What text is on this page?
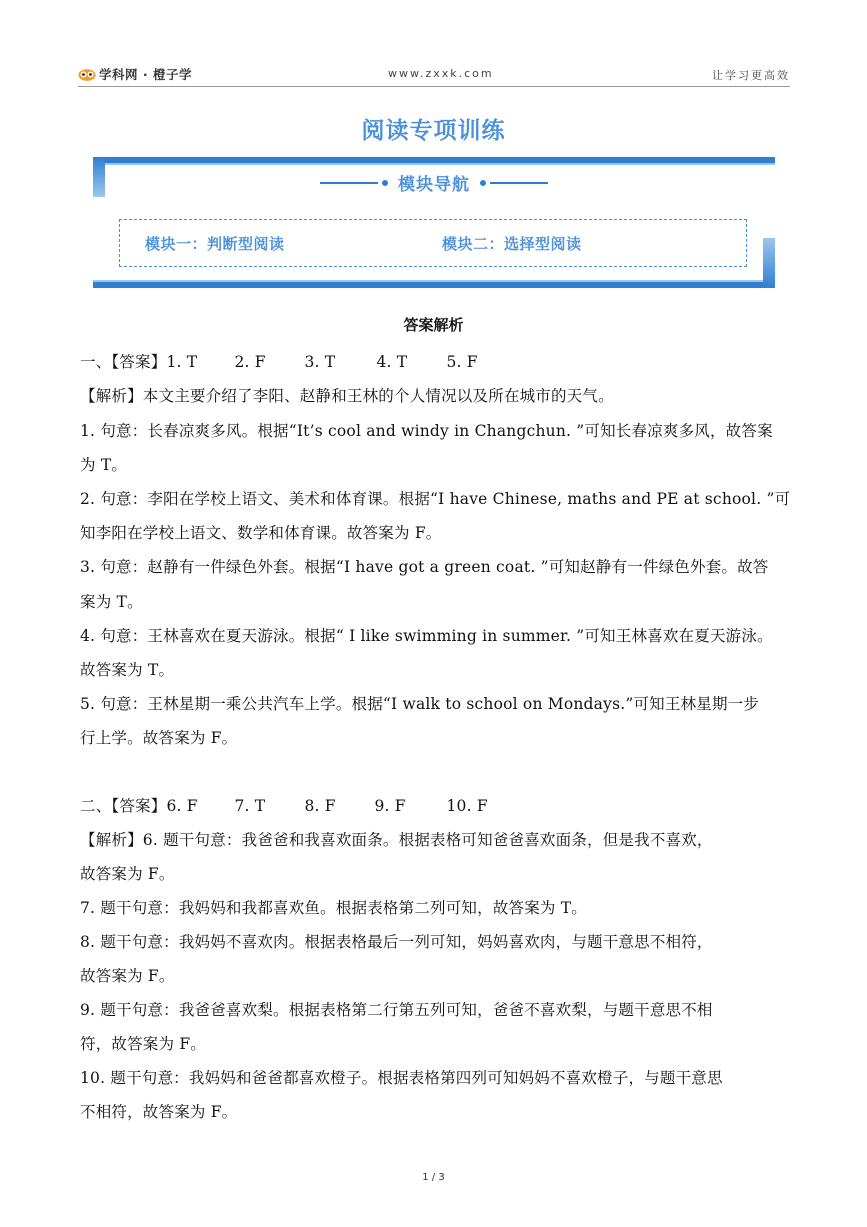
学科网 · 橙子学	www.zxxk.com	让学习更高效
阅读专项训练
模块导航
模块一：判断型阅读	模块二：选择型阅读
答案解析
一、【答案】1. T 2. F 3. T	4. T	5. F
【解析】本文主要介绍了李阳、赵静和王林的个人情况以及所在城市的天气。
1. 句意：长春凉爽多风。根据“It’s cool and windy in Changchun. ”可知长春凉爽多风，故答案
为 T。
2. 句意：李阳在学校上语文、美术和体育课。根据“I have Chinese, maths and PE at school. ”可
知李阳在学校上语文、数学和体育课。故答案为 F。
3. 句意：赵静有一件绿色外套。根据“I have got a green coat. ”可知赵静有一件绿色外套。故答
案为 T。
4. 句意：王林喜欢在夏天游泳。根据“ I like swimming in summer. ”可知王林喜欢在夏天游泳。
故答案为 T。
5. 句意：王林星期一乘公共汽车上学。根据“I walk to school on Mondays.”可知王林星期一步
行上学。故答案为 F。
二、【答案】6. F 7. T	8. F 9. F	10. F
【解析】6. 题干句意：我爸爸和我喜欢面条。根据表格可知爸爸喜欢面条，但是我不喜欢，
故答案为 F。
7. 题干句意：我妈妈和我都喜欢鱼。根据表格第二列可知，故答案为 T。
8. 题干句意：我妈妈不喜欢肉。根据表格最后一列可知，妈妈喜欢肉，与题干意思不相符，
故答案为 F。
9. 题干句意：我爸爸喜欢梨。根据表格第二行第五列可知，爸爸不喜欢梨，与题干意思不相
符，故答案为 F。
10. 题干句意：我妈妈和爸爸都喜欢橙子。根据表格第四列可知妈妈不喜欢橙子，与题干意思
不相符，故答案为 F。
1 / 3
